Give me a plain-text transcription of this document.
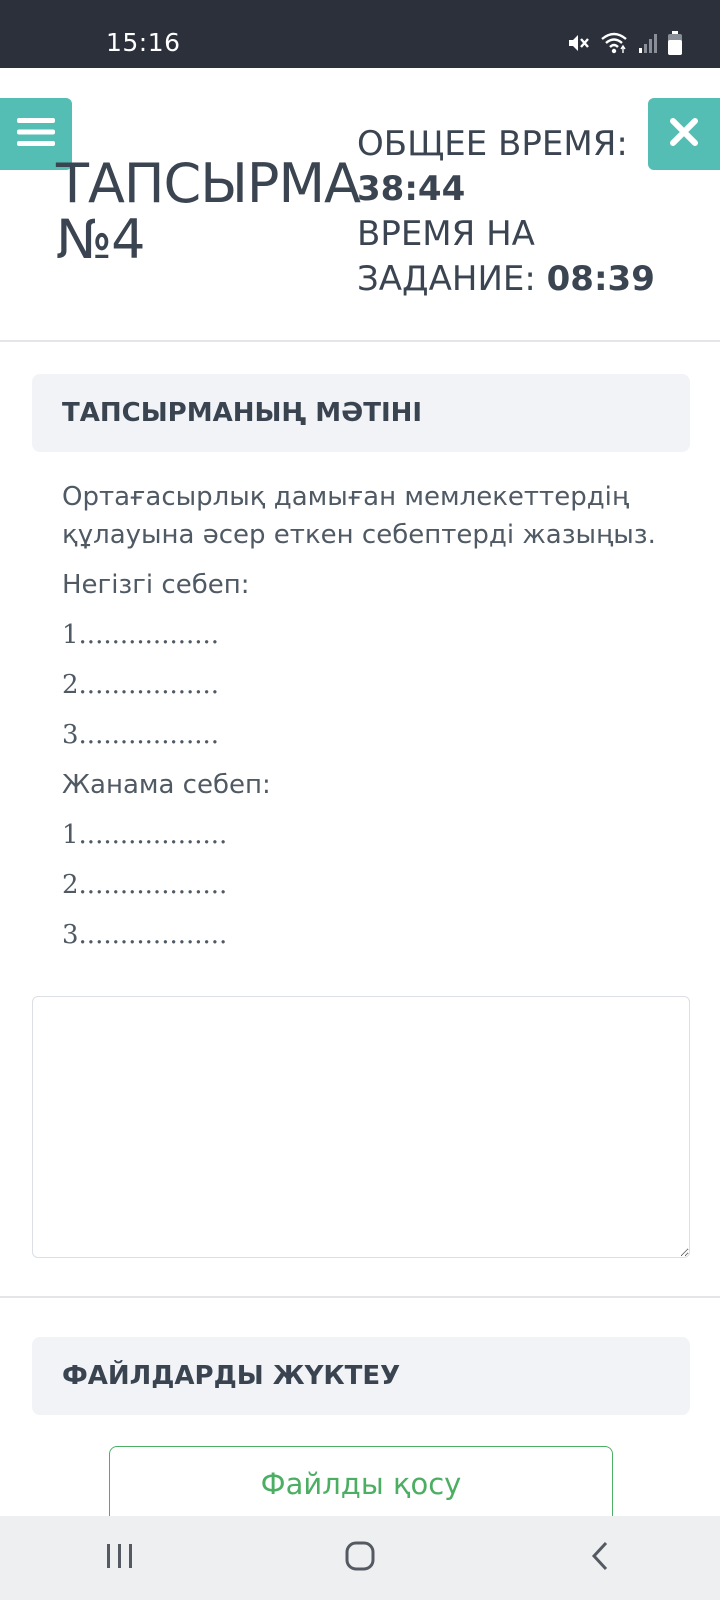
15:16
ТАПСЫРМА №4
ОБЩЕЕ ВРЕМЯ:
38:44
ВРЕМЯ НА ЗАДАНИЕ: 08:39
ТАПСЫРМАНЫҢ МӘТІНІ
Ортағасырлық дамыған мемлекеттердің құлауына әсер еткен себептерді жазыңыз.
Негізгі себеп:
1.................
2.................
3.................
Жанама себеп:
1..................
2..................
3..................
ФАЙЛДАРДЫ ЖҮКТЕУ
Файлды қосу
